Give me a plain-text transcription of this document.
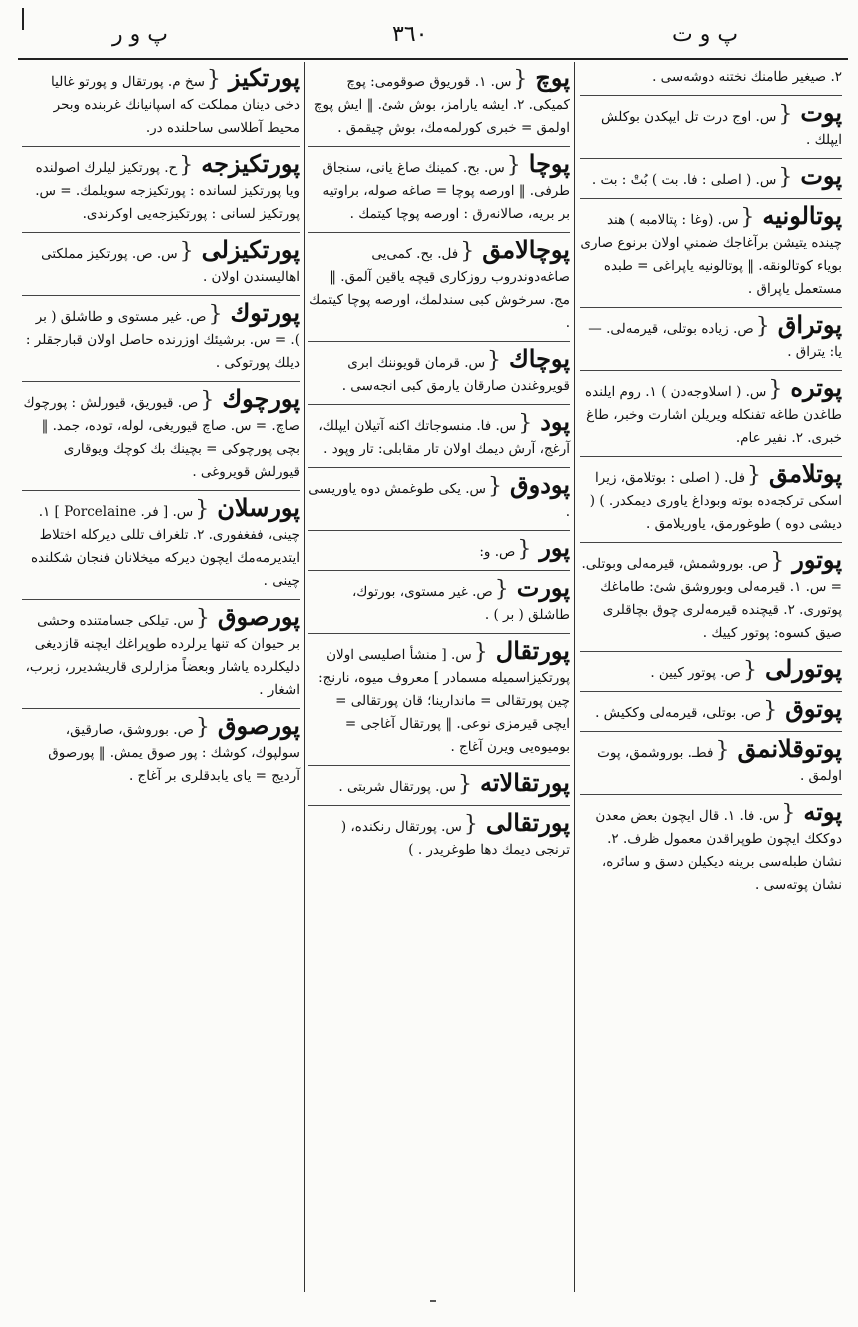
پ و ر	٣٦٠	پ و ت
٢. صيغير طامنك نختنه دوشه‌سى .
پوت{س. اوج درت تل ايپكدن بوكلش ايپلك .
پوت{س. ( اصلى : فا. بت ) بُتْ : بت .
پوتالونيه{س. (وغا : پتالامبه ) هند چينده يتيشن برآغاجك ضمني اولان برنوع صارى بوياء كوتالونقه. ‖ پوتالونيه ياپراغى = طبده مستعمل ياپراق .
پوتراق{ص. زياده بوتلى، قيرمه‌لى. — ‌ يا: يتراق .
پوتره{س. ( اسلاوجه‌دن ) ١. روم ايلنده طاغدن طاغه تفنكله ويريلن اشارت وخبر، طاغ خبرى. ٢. نفير عام.
پوتلامق{فل. ( اصلى : بوتلامق، زيرا اسكى تركجه‌ده بوته وبوداغ ياورى ديمكدر. ) ( ديشى دوه ) طوغورمق، ياوريلامق .
پوتور{ص. بوروشمش، قيرمه‌لى وبوتلى. = س. ١. قيرمه‌لى وبوروشق شئ: طاماغك پوتورى. ٢. قيچنده قيرمه‌لرى چوق بچاقلرى صيق كسوه: پوتور كييك .
پوتورلى{ص. پوتور كيين .
پوتوق{ص. بوتلى، قيرمه‌لى وككيش .
پوتوقلانمق{فطـ. بوروشمق، پوت اولمق .
پوته{س. فا. ١. قال ايچون بعض معدن دوككك ايچون طوپراقدن معمول ظرف. ٢. نشان طبله‌سى برينه ديكيلن دسق و سائره، نشان پوته‌سى .
پوچ{س. ١. قوريوق صوقومى: پوچ كميكى. ٢. ايشه يارامز، بوش شئ. ‖ ايش پوچ اولمق = خبرى كورلمه‌مك، بوش چيقمق .
پوچا{س. بح. كمينك صاغ يانى، سنجاق طرفى. ‖ اورصه پوچا = صاغه صوله، براوتيه بر بريه، صالانه‌رق : اورصه پوچا كيتمك .
پوچالامق{فل. بح. كمى‌يى صاغه‌دوندروب روزكارى قيچه ياقين آلمق. ‖ مج. سرخوش كبى سندلمك، اورصه پوچا كيتمك .
پوچاك{س. قرمان قويوننك ابرى قويروغندن صارقان يارمق كبى انجه‌سى .
پود{س. فا. منسوجاتك اكنه آتيلان ايپلك، آرغج، آرش ديمك اولان تار مقابلى: تار وپود .
پودوق{س. يكى طوغمش دوه ياوريسى .
پور{ص. و:
پورت{ص. غير مستوى، بورتوك، طاشلق ( بر ) .
پورتقال{س. [ منشأ اصليسى اولان پورتكيزاسميله مسمادر ] معروف ميوه، نارنج: چين پورتقالى = ماندارينا؛ قان پورتقالى = ايچى قيرمزى نوعى. ‖ پورتقال آغاجى = بوميوه‌يى ويرن آغاج .
پورتقالاته{س. پورتقال شربتى .
پورتقالى{س. پورتقال رنكنده، ( ترنجى ديمك دها طوغريدر . )
پورتكيز{سخ م. پورتقال و پورتو غاليا دخى دينان مملكت كه اسپانيانك غربنده وبحر محيط آطلاسى ساحلنده در.
پورتكيزجه{ح. پورتكيز ليلرك اصولنده ويا پورتكيز لسانده : پورتكيزجه سويلمك. = س. پورتكيز لسانى : پورتكيزجه‌يى اوكرندى.
پورتكيزلى{س. ص. پورتكيز مملكتى اهاليسندن اولان .
پورتوك{ص. غير مستوى و طاشلق ( بر ). = س. برشيئك اوزرنده حاصل اولان قبارجقلر : ديلك پورتوكى .
پورچوك{ص. قيوريق، قيورلش : پورچوك صاچ. = س. صاچ قيوريغى، لوله، توده، جمد. ‖ بچى پورچوكى = بچينك بك كوچك ويوقارى قيورلش قويروغى .
پورسلان{س. [ فر. Porcelaine ] ١. چينى، ففغفورى. ٢. تلغراف تللى ديركله اختلاط ايتديرمه‌مك ايچون ديركه ميخلانان فنجان شكلنده چينى .
پورصوق{س. تيلكى جسامتنده وحشى بر حيوان كه تنها يرلرده طوپراغك ايچنه قازديغى دليكلرده ياشار وبعضاً مزارلرى قاريشديرر، زبرب، اشغار .
پورصوق{ص. بوروشق، صارقيق، سولپوك، كوشك : پور صوق يمش. ‖ پورصوق آرديج = ياى يابدقلرى بر آغاج .
